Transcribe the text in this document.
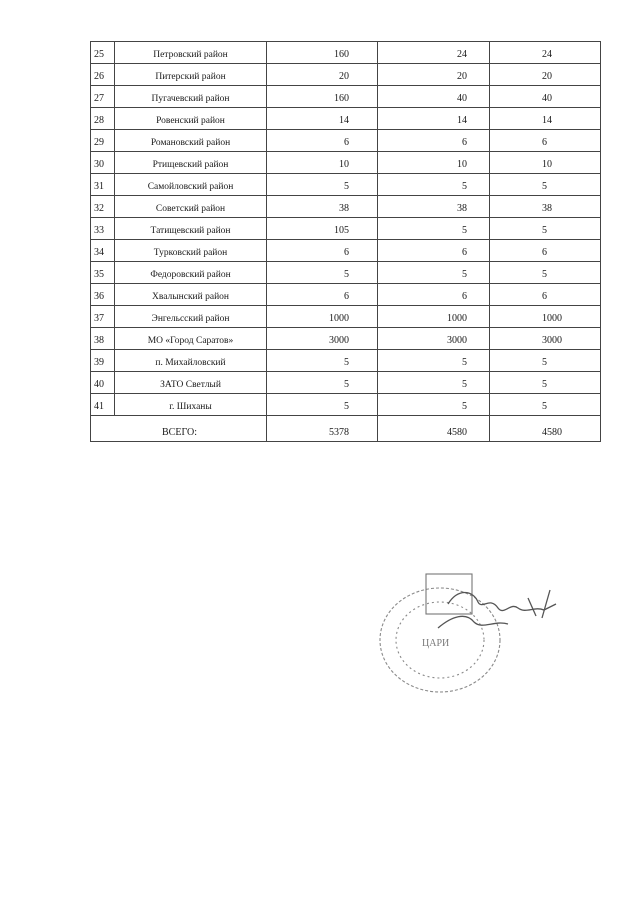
25	Петровский район	160	24	24
26	Питерский район	20	20	20
27	Пугачевский район	160	40	40
28	Ровенский район	14	14	14
29	Романовский район	6	6	6
30	Ртищевский район	10	10	10
31	Самойловский район	5	5	5
32	Советский район	38	38	38
33	Татищевский район	105	5	5
34	Турковский район	6	6	6
35	Федоровский район	5	5	5
36	Хвалынский район	6	6	6
37	Энгельсский район	1000	1000	1000
38	МО «Город Саратов»	3000	3000	3000
39	п. Михайловский	5	5	5
40	ЗАТО Светлый	5	5	5
41	г. Шиханы	5	5	5
ВСЕГО:		5378	4580	4580
ЦАРИ
